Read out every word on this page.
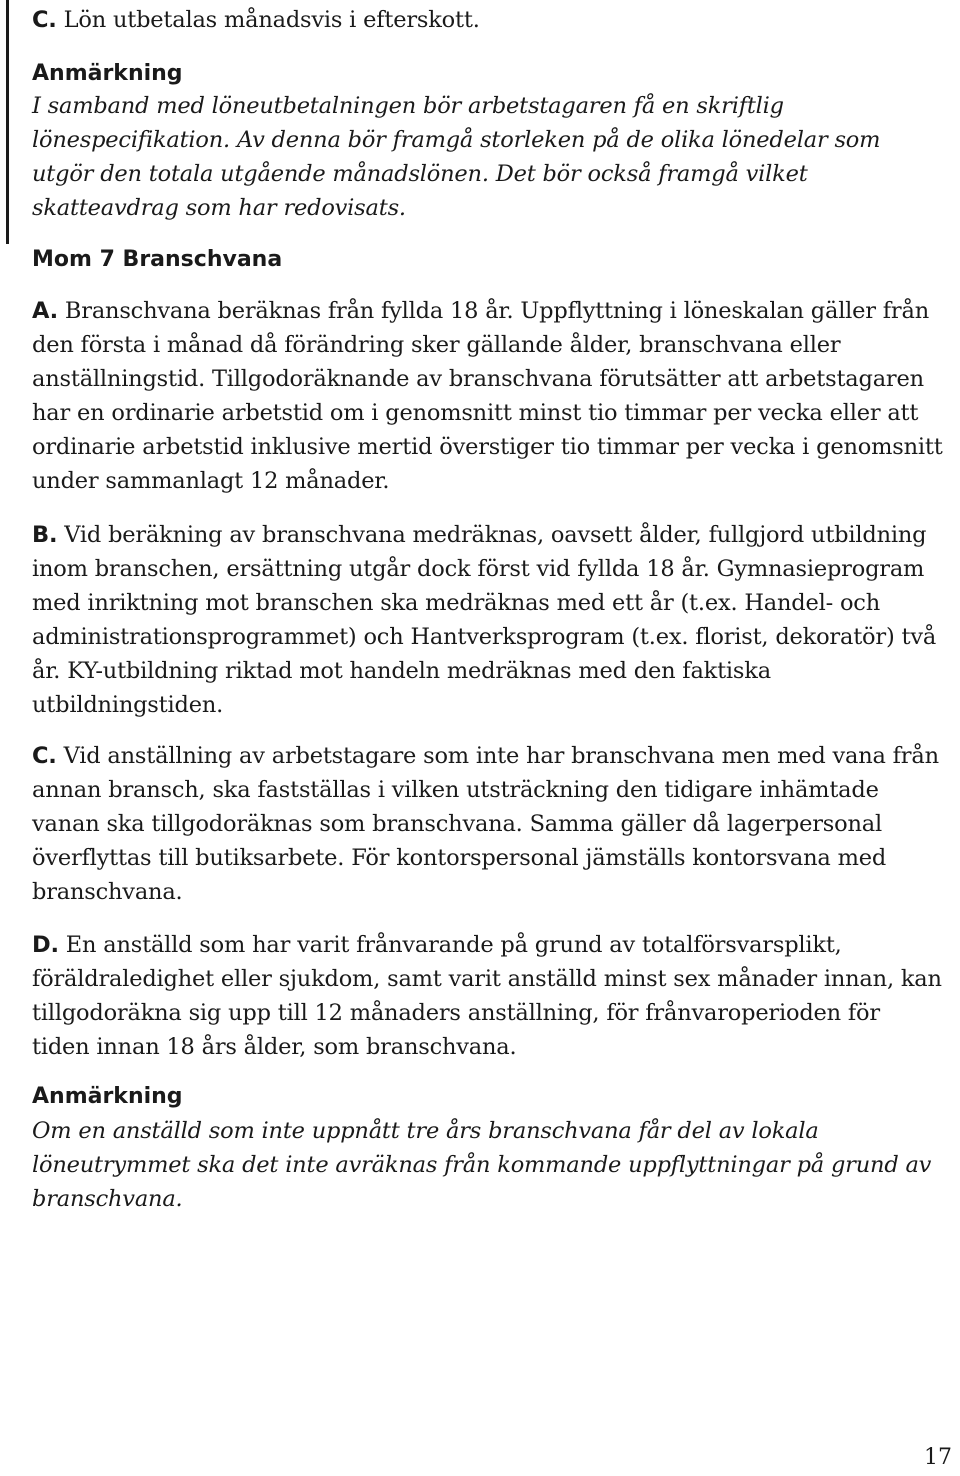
C. Lön utbetalas månadsvis i efterskott.

Anmärkning

I samband med löneutbetalningen bör arbetstagaren få en skriftlig lönespecifikation. Av denna bör framgå storleken på de olika lönedelar som utgör den totala utgående månadslönen. Det bör också framgå vilket skatteavdrag som har redovisats.

Mom 7 Branschvana

A. Branschvana beräknas från fyllda 18 år. Uppflyttning i löneskalan gäller från den första i månad då förändring sker gällande ålder, branschvana eller anställningstid. Tillgodoräknande av branschvana förutsätter att arbetstagaren har en ordinarie arbetstid om i genomsnitt minst tio timmar per vecka eller att ordinarie arbetstid inklusive mertid överstiger tio timmar per vecka i genomsnitt under sammanlagt 12 månader.

B. Vid beräkning av branschvana medräknas, oavsett ålder, fullgjord utbildning inom branschen, ersättning utgår dock först vid fyllda 18 år. Gymnasieprogram med inriktning mot branschen ska medräknas med ett år (t.ex. Handel- och administrationsprogrammet) och Hantverksprogram (t.ex. florist, dekoratör) två år. KY-utbildning riktad mot handeln medräknas med den faktiska utbildningstiden.

C. Vid anställning av arbetstagare som inte har branschvana men med vana från annan bransch, ska fastställas i vilken utsträckning den tidigare inhämtade vanan ska tillgodoräknas som branschvana. Samma gäller då lagerpersonal överflyttas till butiksarbete. För kontorspersonal jämställs kontorsvana med branschvana.

D. En anställd som har varit frånvarande på grund av totalförsvarsplikt, föräldraledighet eller sjukdom, samt varit anställd minst sex månader innan, kan tillgodoräkna sig upp till 12 månaders anställning, för frånvaroperioden för tiden innan 18 års ålder, som branschvana.

Anmärkning

Om en anställd som inte uppnått tre års branschvana får del av lokala löneutrymmet ska det inte avräknas från kommande uppflyttningar på grund av branschvana.

17
